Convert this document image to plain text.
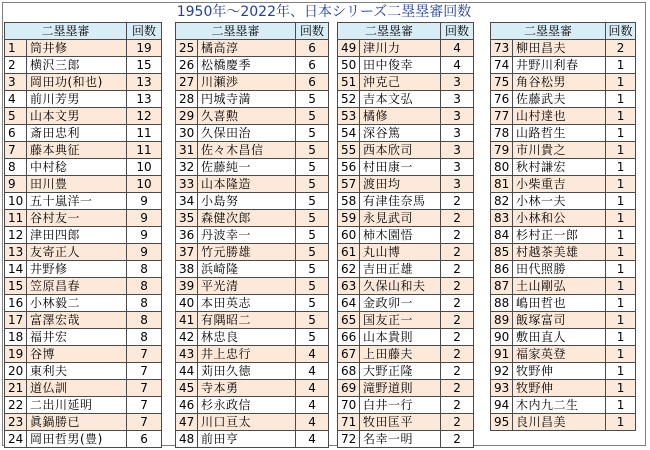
1950年〜2022年、日本シリーズ二塁塁審回数
二塁塁審		回数
1	筒井修	19
2	横沢三郎	15
3	岡田功(和也)	13
4	前川芳男	13
5	山本文男	12
6	斎田忠利	11
7	藤本典征	11
8	中村稔	10
9	田川豊	10
10	五十嵐洋一	9
11	谷村友一	9
12	津田四郎	9
13	友寄正人	9
14	井野修	8
15	笠原昌春	8
16	小林毅二	8
17	富澤宏哉	8
18	福井宏	8
19	谷博	7
20	東利夫	7
21	道仏訓	7
22	二出川延明	7
23	眞鍋勝已	7
24	岡田哲男(豊)	6
二塁塁審		回数
25	橘高淳	6
26	松橋慶季	6
27	川瀬渉	6
28	円城寺満	5
29	久喜勲	5
30	久保田治	5
31	佐々木昌信	5
32	佐藤純一	5
33	山本隆造	5
34	小島努	5
35	森健次郎	5
36	丹波幸一	5
37	竹元勝雄	5
38	浜崎隆	5
39	平光清	5
40	本田英志	5
41	有隅昭二	5
42	林忠良	5
43	井上忠行	4
44	苅田久徳	4
45	寺本勇	4
46	杉永政信	4
47	川口亘太	4
48	前田亨	4
二塁塁審		回数
49	津川力	4
50	田中俊幸	4
51	沖克己	3
52	吉本文弘	3
53	橘修	3
54	深谷篤	3
55	西本欣司	3
56	村田康一	3
57	渡田均	3
58	有津佳奈馬	2
59	永見武司	2
60	柿木園悟	2
61	丸山博	2
62	吉田正雄	2
63	久保山和夫	2
64	金政卯一	2
65	国友正一	2
66	山本貴則	2
67	上田藤夫	2
68	大野正隆	2
69	滝野道則	2
70	白井一行	2
71	牧田匡平	2
72	名幸一明	2
二塁塁審		回数
73	柳田昌夫	2
74	井野川利春	1
75	角谷松男	1
76	佐藤武夫	1
77	山村達也	1
78	山路哲生	1
79	市川貴之	1
80	秋村謙宏	1
81	小柴重吉	1
82	小林一夫	1
83	小林和公	1
84	杉村正一郎	1
85	村越茶美雄	1
86	田代照勝	1
87	土山剛弘	1
88	嶋田哲也	1
89	飯塚富司	1
90	敷田直人	1
91	福家英登	1
92	牧野伸	1
93	牧野伸	1
94	木内九二生	1
95	良川昌美	1
